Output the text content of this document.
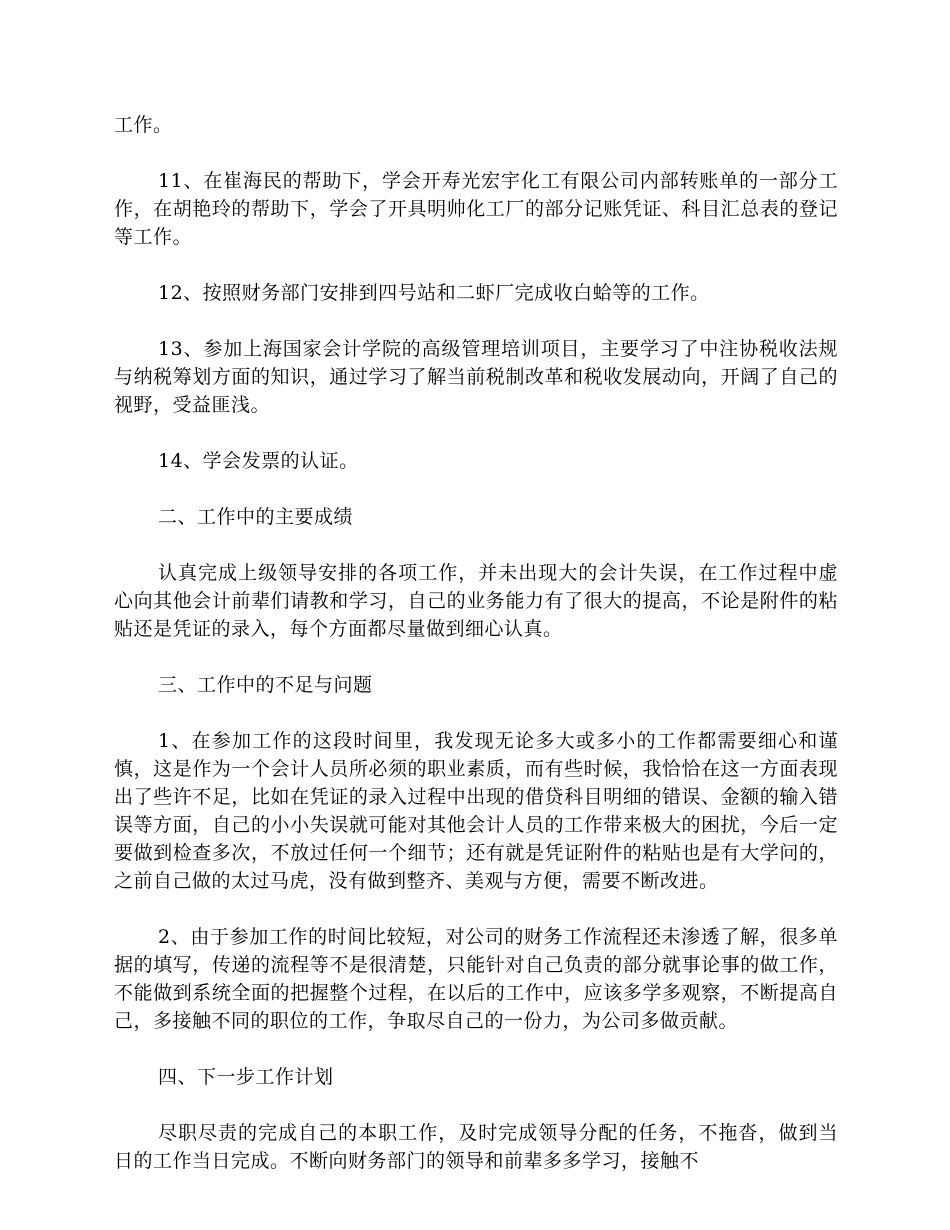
工作。

11、在崔海民的帮助下，学会开寿光宏宇化工有限公司内部转账单的一部分工作，在胡艳玲的帮助下，学会了开具明帅化工厂的部分记账凭证、科目汇总表的登记等工作。

12、按照财务部门安排到四号站和二虾厂完成收白蛤等的工作。

13、参加上海国家会计学院的高级管理培训项目，主要学习了中注协税收法规与纳税筹划方面的知识，通过学习了解当前税制改革和税收发展动向，开阔了自己的视野，受益匪浅。

14、学会发票的认证。

二、工作中的主要成绩

认真完成上级领导安排的各项工作，并未出现大的会计失误，在工作过程中虚心向其他会计前辈们请教和学习，自己的业务能力有了很大的提高，不论是附件的粘贴还是凭证的录入，每个方面都尽量做到细心认真。

三、工作中的不足与问题

1、在参加工作的这段时间里，我发现无论多大或多小的工作都需要细心和谨慎，这是作为一个会计人员所必须的职业素质，而有些时候，我恰恰在这一方面表现出了些许不足，比如在凭证的录入过程中出现的借贷科目明细的错误、金额的输入错误等方面，自己的小小失误就可能对其他会计人员的工作带来极大的困扰，今后一定要做到检查多次，不放过任何一个细节；还有就是凭证附件的粘贴也是有大学问的，之前自己做的太过马虎，没有做到整齐、美观与方便，需要不断改进。

2、由于参加工作的时间比较短，对公司的财务工作流程还未渗透了解，很多单据的填写，传递的流程等不是很清楚，只能针对自己负责的部分就事论事的做工作，不能做到系统全面的把握整个过程，在以后的工作中，应该多学多观察，不断提高自己，多接触不同的职位的工作，争取尽自己的一份力，为公司多做贡献。

四、下一步工作计划

尽职尽责的完成自己的本职工作，及时完成领导分配的任务，不拖沓，做到当日的工作当日完成。不断向财务部门的领导和前辈多多学习，接触不
